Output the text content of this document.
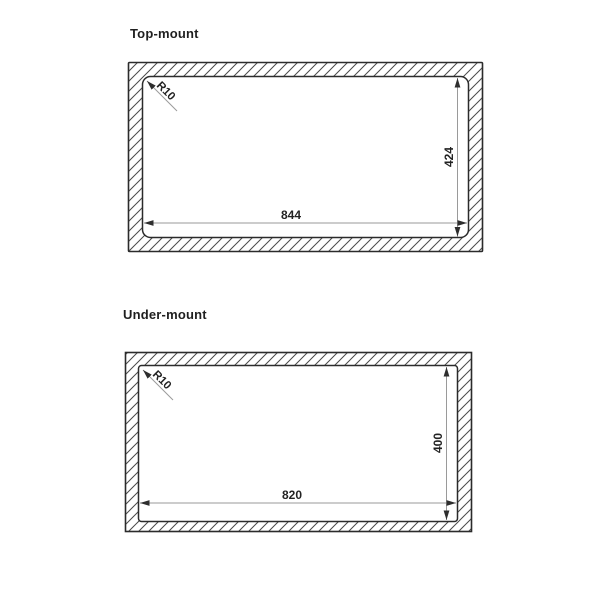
Top-mount
R10
424
844
Under-mount
R10
400
820
